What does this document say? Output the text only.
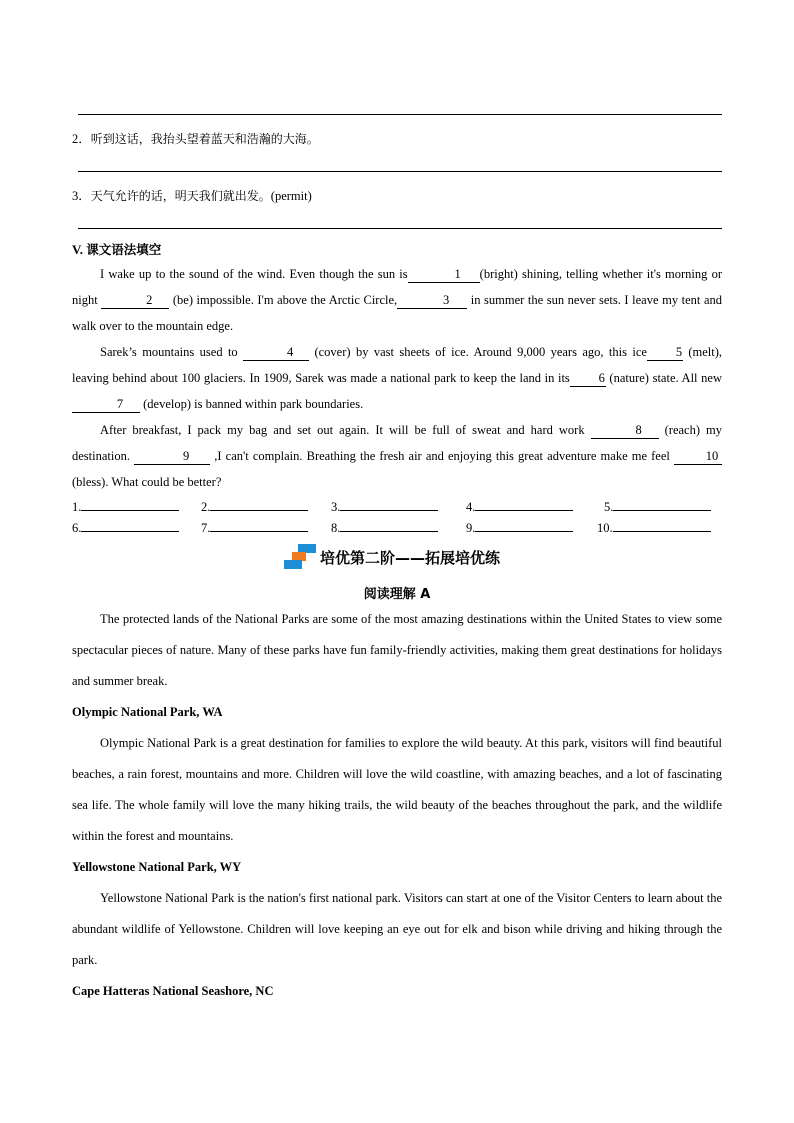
2．听到这话，我抬头望着蓝天和浩瀚的大海。
3．天气允许的话，明天我们就出发。(permit)
V. 课文语法填空

I wake up to the sound of the wind. Even though the sun is	1 (bright) shining, telling whether it's morning or night	2 (be) impossible. I'm above the Arctic Circle,	3 in summer the sun never sets. I leave my tent and walk over to the mountain edge.

Sarek’s mountains used to	4 (cover) by vast sheets of ice. Around 9,000 years ago, this ice 5 (melt), leaving behind about 100 glaciers. In 1909, Sarek was made a national park to keep the land in its 6 (nature) state. All new 7 (develop) is banned within park boundaries.

After breakfast, I pack my bag and set out again. It will be full of sweat and hard work	8 (reach) my destination.	9 ,I can't complain. Breathing the fresh air and enjoying this great adventure make me feel	10 (bless). What could be better?

1.	2.	3.	4.	5.
6.	7.	8.	9.	10.
培优第二阶——拓展培优练
阅读理解 A

The protected lands of the National Parks are some of the most amazing destinations within the United States to view some spectacular pieces of nature. Many of these parks have fun family-friendly activities, making them great destinations for holidays and summer break.

Olympic National Park, WA

Olympic National Park is a great destination for families to explore the wild beauty. At this park, visitors will find beautiful beaches, a rain forest, mountains and more. Children will love the wild coastline, with amazing beaches, and a lot of fascinating sea life. The whole family will love the many hiking trails, the wild beauty of the beaches throughout the park, and the wildlife within the forest and mountains.

Yellowstone National Park, WY

Yellowstone National Park is the nation's first national park. Visitors can start at one of the Visitor Centers to learn about the abundant wildlife of Yellowstone. Children will love keeping an eye out for elk and bison while driving and hiking through the park.

Cape Hatteras National Seashore, NC
